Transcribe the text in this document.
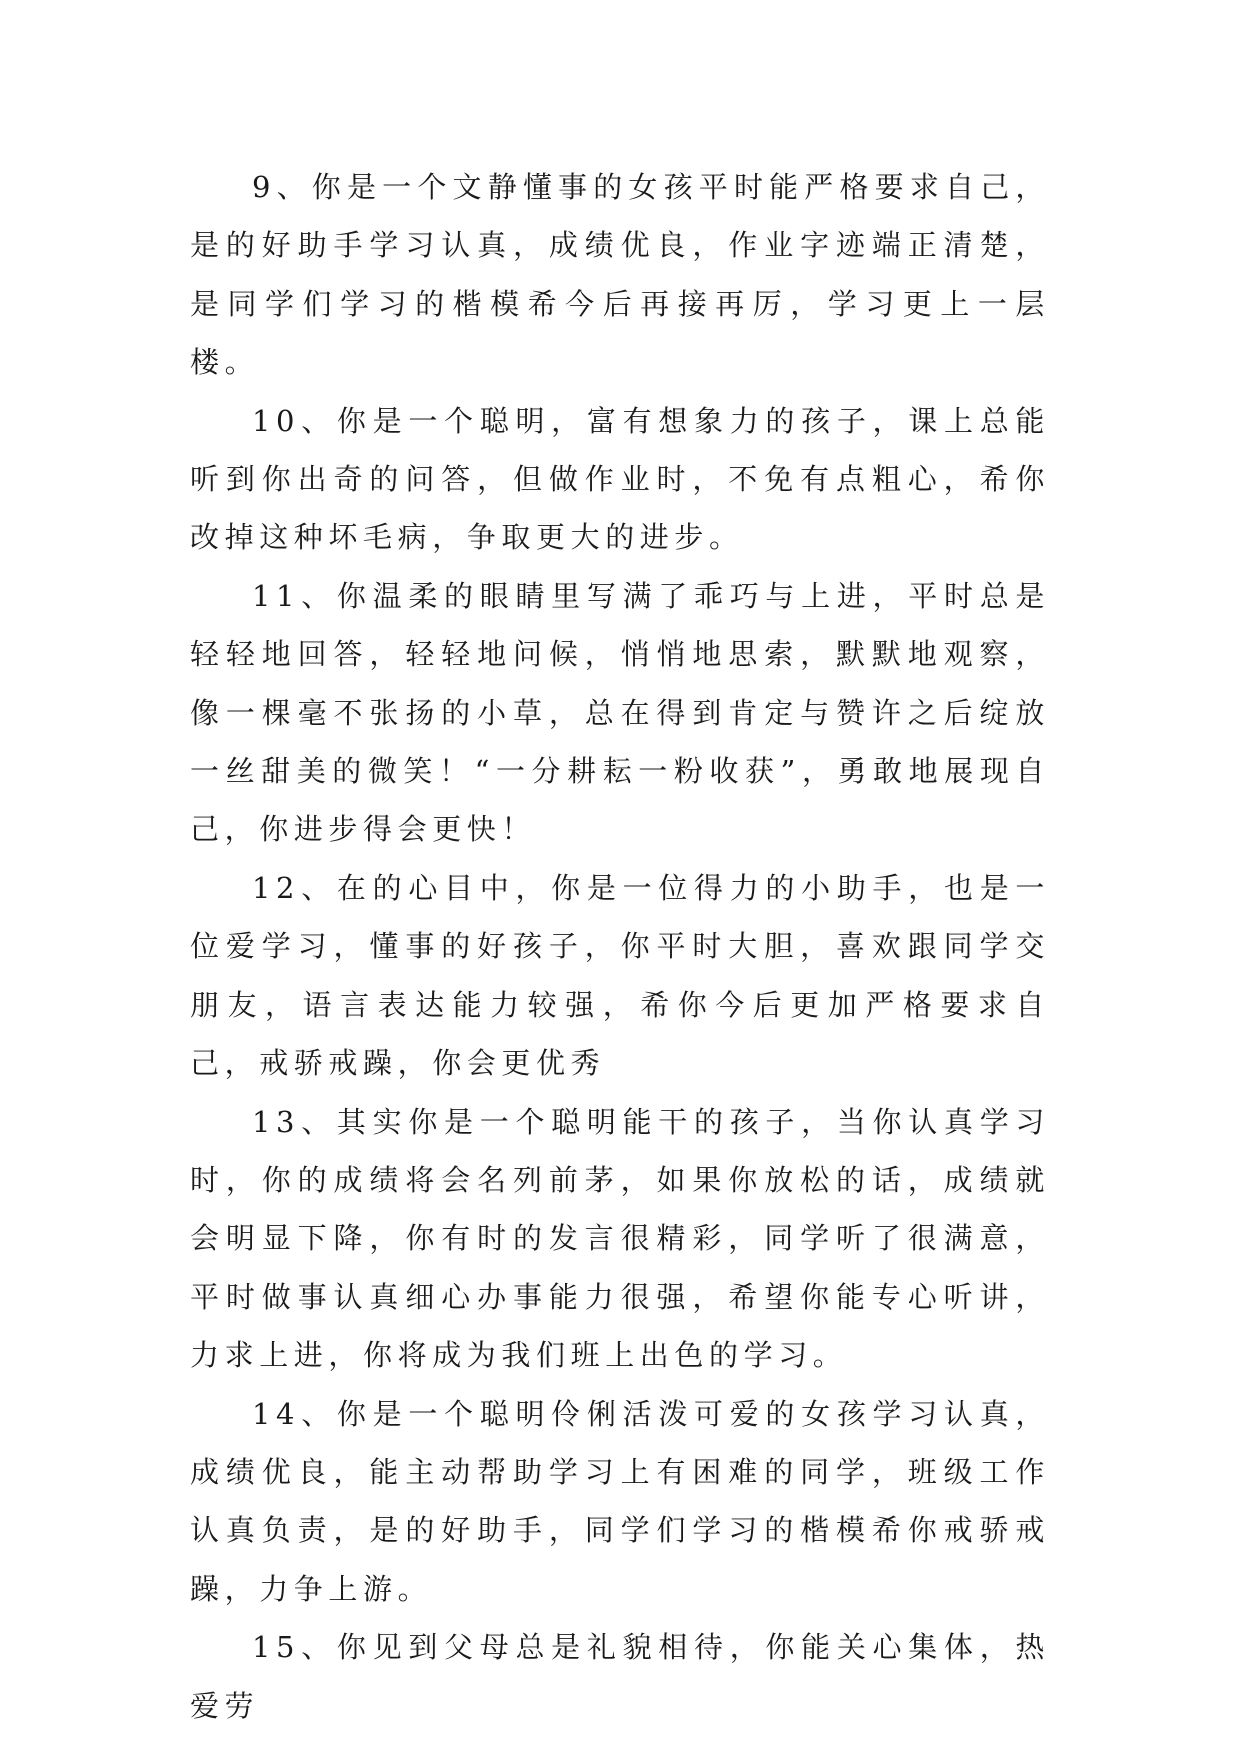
9、你是一个文静懂事的女孩平时能严格要求自己，是的好助手学习认真，成绩优良，作业字迹端正清楚，是同学们学习的楷模希今后再接再厉，学习更上一层楼。

10、你是一个聪明，富有想象力的孩子，课上总能听到你出奇的问答，但做作业时，不免有点粗心，希你改掉这种坏毛病，争取更大的进步。

11、你温柔的眼睛里写满了乖巧与上进，平时总是轻轻地回答，轻轻地问候，悄悄地思索，默默地观察，像一棵毫不张扬的小草，总在得到肯定与赞许之后绽放一丝甜美的微笑！“一分耕耘一粉收获”，勇敢地展现自己，你进步得会更快！

12、在的心目中，你是一位得力的小助手，也是一位爱学习，懂事的好孩子，你平时大胆，喜欢跟同学交朋友，语言表达能力较强，希你今后更加严格要求自己，戒骄戒躁，你会更优秀

13、其实你是一个聪明能干的孩子，当你认真学习时，你的成绩将会名列前茅，如果你放松的话，成绩就会明显下降，你有时的发言很精彩，同学听了很满意，平时做事认真细心办事能力很强，希望你能专心听讲，力求上进，你将成为我们班上出色的学习。

14、你是一个聪明伶俐活泼可爱的女孩学习认真，成绩优良，能主动帮助学习上有困难的同学，班级工作认真负责，是的好助手，同学们学习的楷模希你戒骄戒躁，力争上游。

15、你见到父母总是礼貌相待，你能关心集体，热爱劳
